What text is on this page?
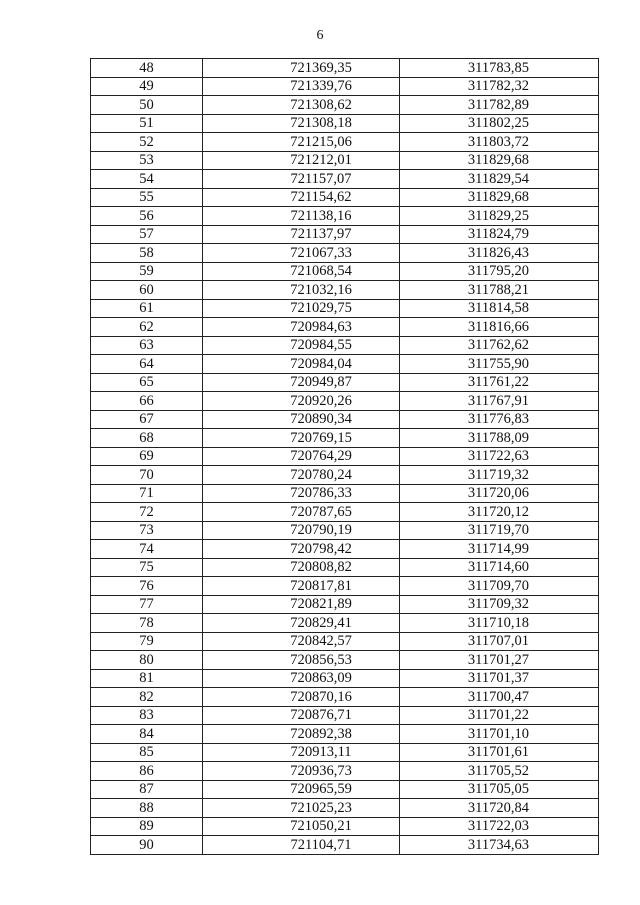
6
48	721369,35	311783,85
49	721339,76	311782,32
50	721308,62	311782,89
51	721308,18	311802,25
52	721215,06	311803,72
53	721212,01	311829,68
54	721157,07	311829,54
55	721154,62	311829,68
56	721138,16	311829,25
57	721137,97	311824,79
58	721067,33	311826,43
59	721068,54	311795,20
60	721032,16	311788,21
61	721029,75	311814,58
62	720984,63	311816,66
63	720984,55	311762,62
64	720984,04	311755,90
65	720949,87	311761,22
66	720920,26	311767,91
67	720890,34	311776,83
68	720769,15	311788,09
69	720764,29	311722,63
70	720780,24	311719,32
71	720786,33	311720,06
72	720787,65	311720,12
73	720790,19	311719,70
74	720798,42	311714,99
75	720808,82	311714,60
76	720817,81	311709,70
77	720821,89	311709,32
78	720829,41	311710,18
79	720842,57	311707,01
80	720856,53	311701,27
81	720863,09	311701,37
82	720870,16	311700,47
83	720876,71	311701,22
84	720892,38	311701,10
85	720913,11	311701,61
86	720936,73	311705,52
87	720965,59	311705,05
88	721025,23	311720,84
89	721050,21	311722,03
90	721104,71	311734,63
